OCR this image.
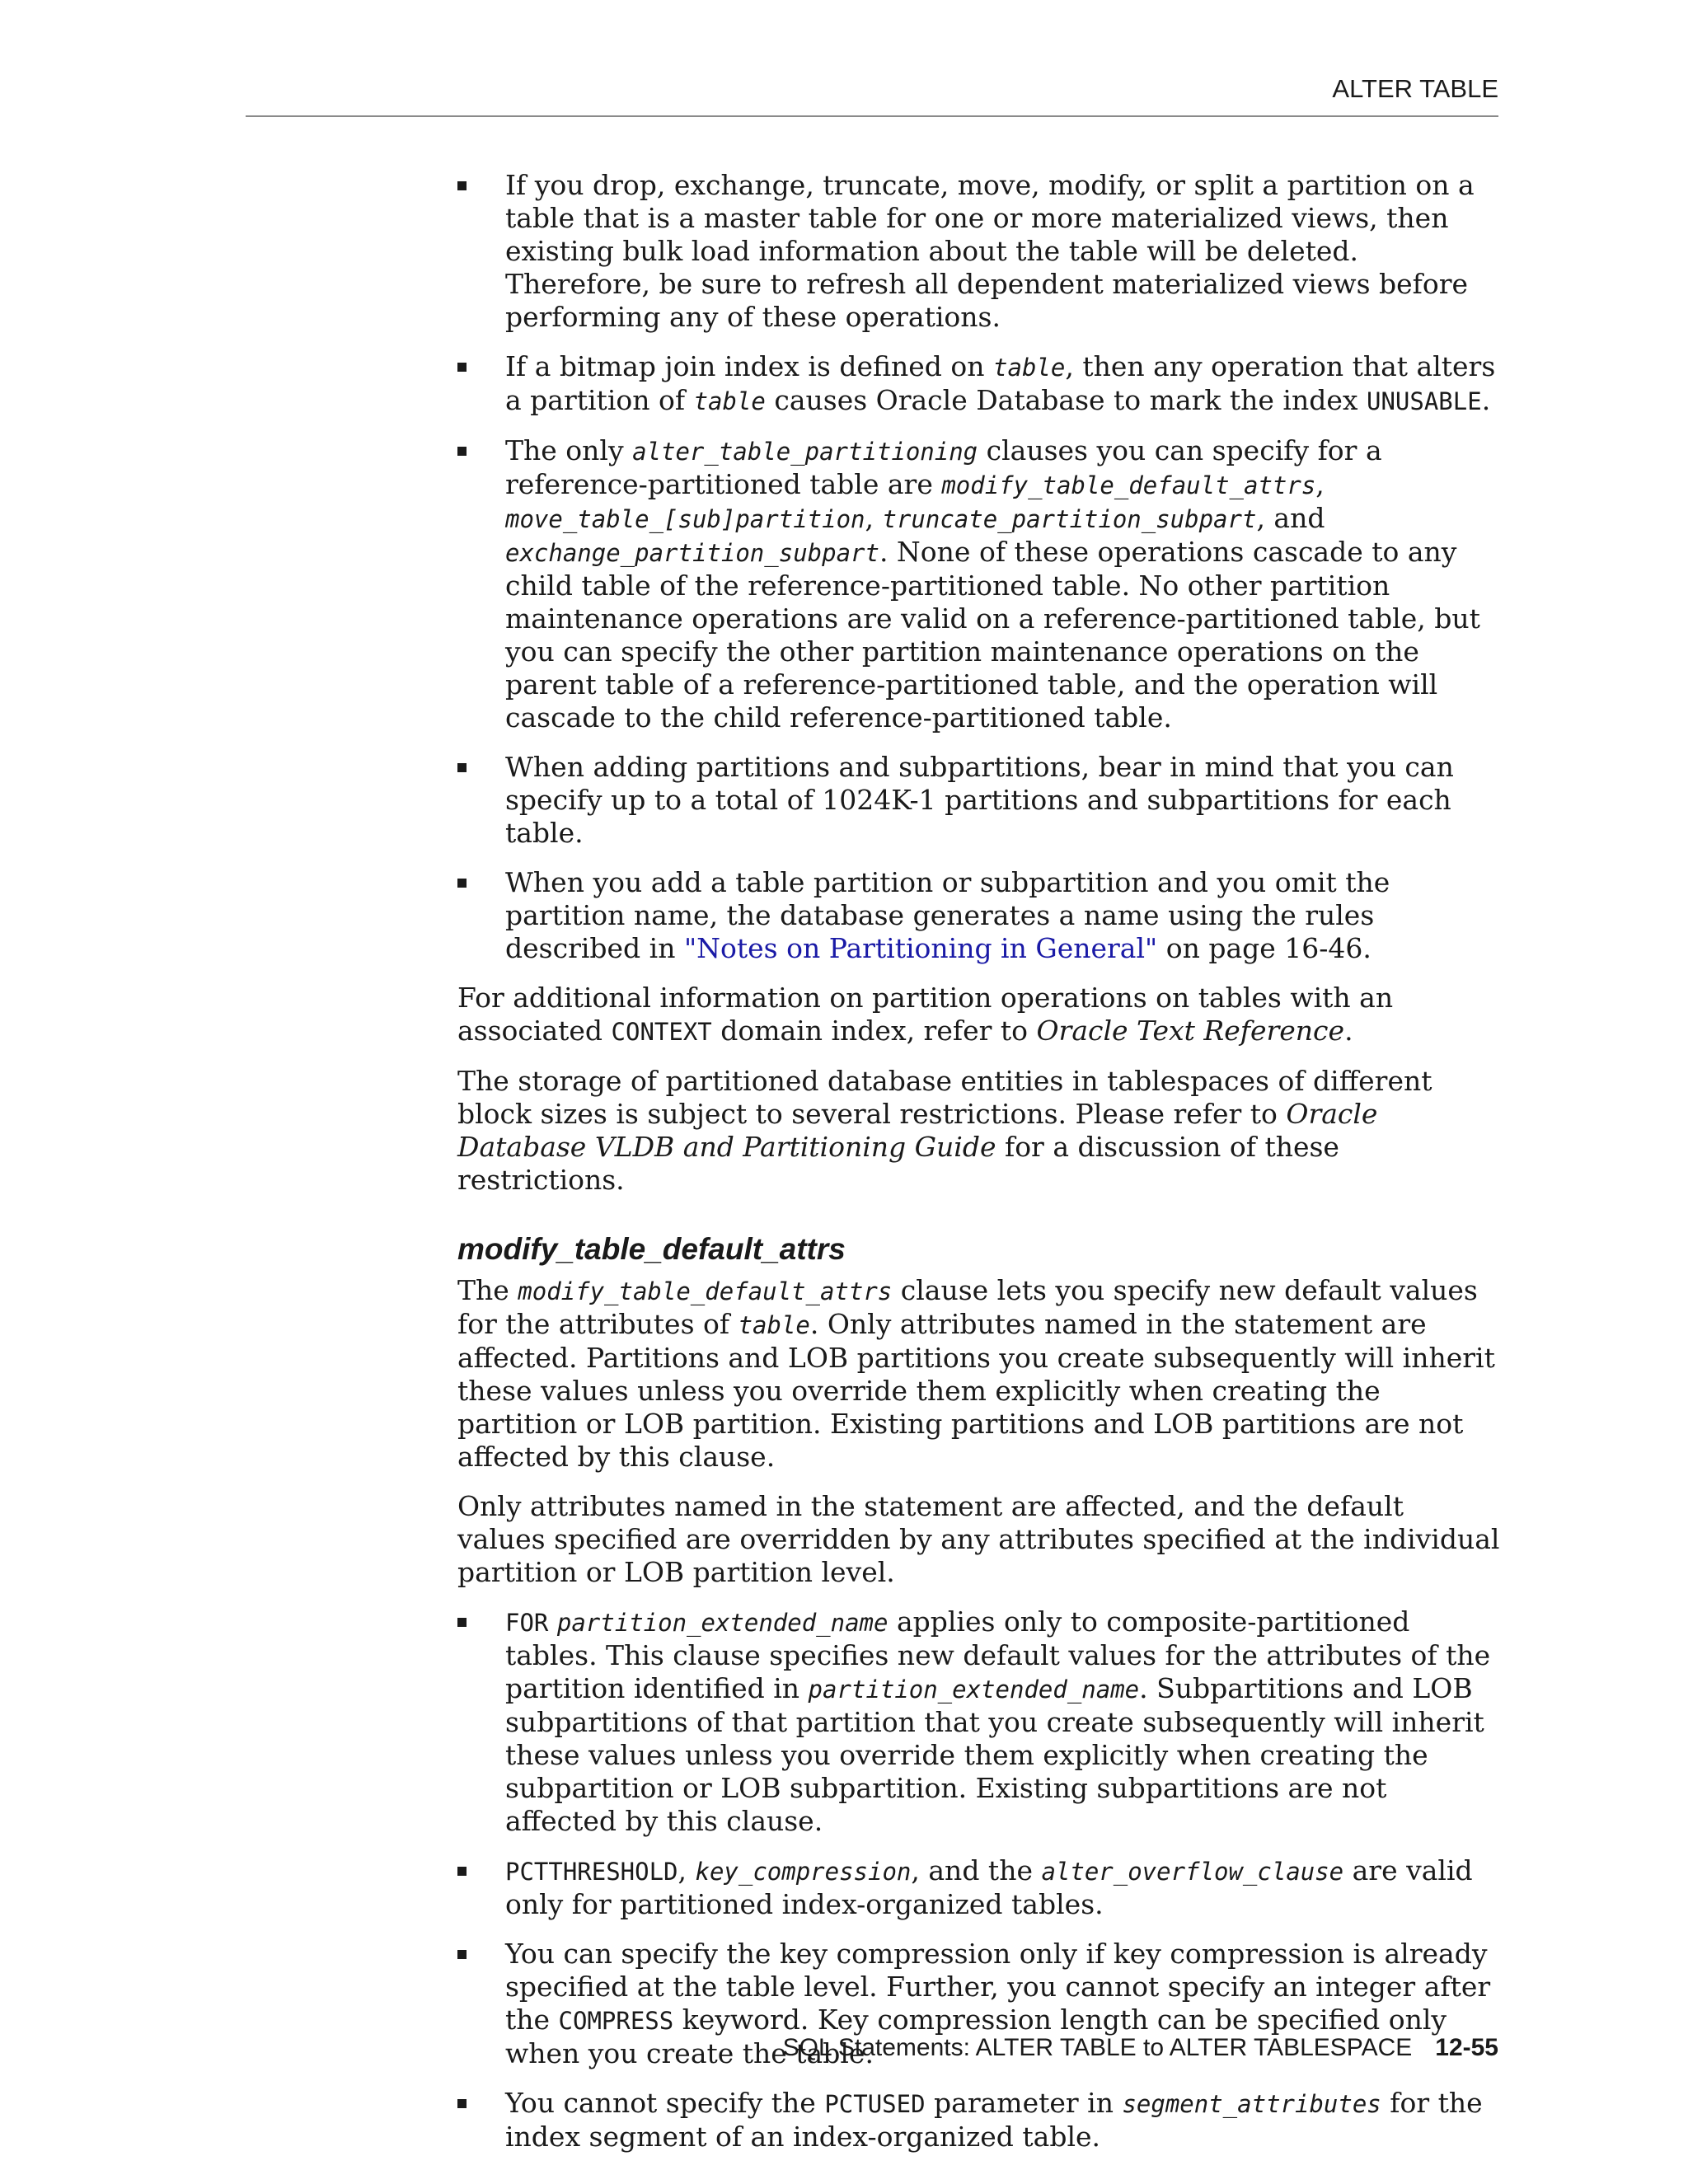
ALTER TABLE
If you drop, exchange, truncate, move, modify, or split a partition on a table that is a master table for one or more materialized views, then existing bulk load information about the table will be deleted. Therefore, be sure to refresh all dependent materialized views before performing any of these operations.
If a bitmap join index is defined on table, then any operation that alters a partition of table causes Oracle Database to mark the index UNUSABLE.
The only alter_table_partitioning clauses you can specify for a reference-partitioned table are modify_table_default_attrs, move_table_[sub]partition, truncate_partition_subpart, and exchange_partition_subpart. None of these operations cascade to any child table of the reference-partitioned table. No other partition maintenance operations are valid on a reference-partitioned table, but you can specify the other partition maintenance operations on the parent table of a reference-partitioned table, and the operation will cascade to the child reference-partitioned table.
When adding partitions and subpartitions, bear in mind that you can specify up to a total of 1024K-1 partitions and subpartitions for each table.
When you add a table partition or subpartition and you omit the partition name, the database generates a name using the rules described in "Notes on Partitioning in General" on page 16-46.

For additional information on partition operations on tables with an associated CONTEXT domain index, refer to Oracle Text Reference.

The storage of partitioned database entities in tablespaces of different block sizes is subject to several restrictions. Please refer to Oracle Database VLDB and Partitioning Guide for a discussion of these restrictions.

modify_table_default_attrs

The modify_table_default_attrs clause lets you specify new default values for the attributes of table. Only attributes named in the statement are affected. Partitions and LOB partitions you create subsequently will inherit these values unless you override them explicitly when creating the partition or LOB partition. Existing partitions and LOB partitions are not affected by this clause.

Only attributes named in the statement are affected, and the default values specified are overridden by any attributes specified at the individual partition or LOB partition level.

FOR partition_extended_name applies only to composite-partitioned tables. This clause specifies new default values for the attributes of the partition identified in partition_extended_name. Subpartitions and LOB subpartitions of that partition that you create subsequently will inherit these values unless you override them explicitly when creating the subpartition or LOB subpartition. Existing subpartitions are not affected by this clause.
PCTTHRESHOLD, key_compression, and the alter_overflow_clause are valid only for partitioned index-organized tables.
You can specify the key compression only if key compression is already specified at the table level. Further, you cannot specify an integer after the COMPRESS keyword. Key compression length can be specified only when you create the table.
You cannot specify the PCTUSED parameter in segment_attributes for the index segment of an index-organized table.
SQL Statements: ALTER TABLE to ALTER TABLESPACE 12-55
